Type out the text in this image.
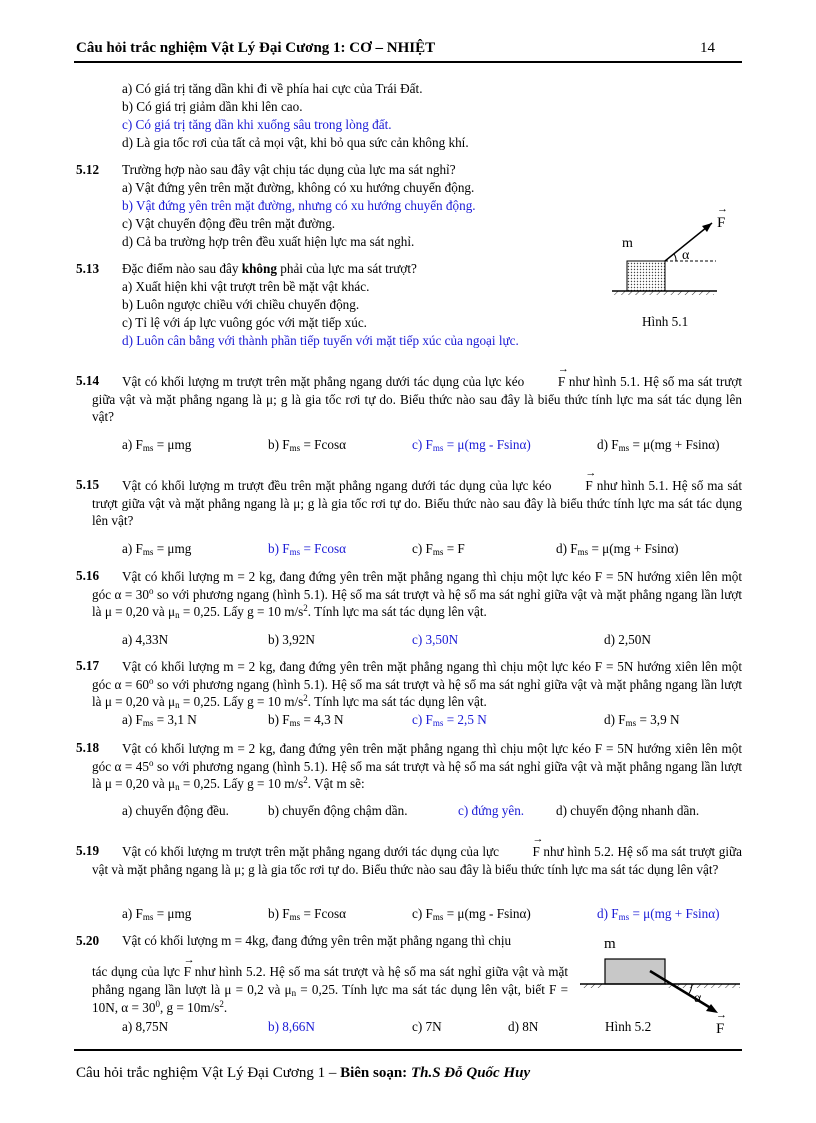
Câu hỏi trắc nghiệm Vật Lý Đại Cương 1: CƠ – NHIỆT	14
a) Có giá trị tăng dần khi đi về phía hai cực của Trái Đất.
b) Có giá trị giảm dần khi lên cao.
c) Có giá trị tăng dần khi xuống sâu trong lòng đất.
d) Là gia tốc rơi của tất cả mọi vật, khi bỏ qua sức cản không khí.
5.12 Trường hợp nào sau đây vật chịu tác dụng của lực ma sát nghỉ?
a) Vật đứng yên trên mặt đường, không có xu hướng chuyển động.
b) Vật đứng yên trên mặt đường, nhưng có xu hướng chuyển động.
c) Vật chuyển động đều trên mặt đường.
d) Cả ba trường hợp trên đều xuất hiện lực ma sát nghỉ.
5.13 Đặc điểm nào sau đây không phải của lực ma sát trượt?
a) Xuất hiện khi vật trượt trên bề mặt vật khác.
b) Luôn ngược chiều với chiều chuyển động.
c) Tỉ lệ với áp lực vuông góc với mặt tiếp xúc.
d) Luôn cân bằng với thành phần tiếp tuyến với mặt tiếp xúc của ngoại lực.
m
α
→ F
Hình 5.1
5.14	Vật có khối lượng m trượt trên mặt phẳng ngang dưới tác dụng của lực kéo → F như hình 5.1. Hệ số ma sát trượt giữa vật và mặt phẳng ngang là μ; g là gia tốc rơi tự do. Biểu thức nào sau đây là biểu thức tính lực ma sát tác dụng lên vật?
a) $F_{ms} = \mu mg$	b) $F_{ms} = Fcos\alpha$	c) $F_{ms} = \mu(mg - Fsin\alpha)$	d) $F_{ms} = \mu(mg + Fsin\alpha)$
5.15	Vật có khối lượng m trượt đều trên mặt phẳng ngang dưới tác dụng của lực kéo → F như hình 5.1. Hệ số ma sát trượt giữa vật và mặt phẳng ngang là μ; g là gia tốc rơi tự do. Biểu thức nào sau đây là biểu thức tính lực ma sát tác dụng lên vật?
a) $F_{ms} = \mu mg$	b) $F_{ms} = Fcos\alpha$	c) $F_{ms} = F$	d) $F_{ms} = \mu(mg + Fsin\alpha)$
5.16	Vật có khối lượng m = 2 kg, đang đứng yên trên mặt phẳng ngang thì chịu một lực kéo F = 5N hướng xiên lên một góc $\alpha = 30^o$ so với phương ngang (hình 5.1). Hệ số ma sát trượt và hệ số ma sát nghỉ giữa vật và mặt phẳng ngang lần lượt là μ = 0,20 và $\mu_n = 0,25$. Lấy g = 10 $m/s^2$. Tính lực ma sát tác dụng lên vật.
a) 4,33N	b) 3,92N	c) 3,50N	d) 2,50N
5.17	Vật có khối lượng m = 2 kg, đang đứng yên trên mặt phẳng ngang thì chịu một lực kéo F = 5N hướng xiên lên một góc $\alpha = 60^o$ so với phương ngang (hình 5.1). Hệ số ma sát trượt và hệ số ma sát nghỉ giữa vật và mặt phẳng ngang lần lượt là μ = 0,20 và $\mu_n = 0,25$. Lấy g = 10 $m/s^2$. Tính lực ma sát tác dụng lên vật.
a) $F_{ms} = 3,1$ N	b) $F_{ms} = 4,3$ N	c) $F_{ms} = 2,5$ N	d) $F_{ms} = 3,9$ N
5.18	Vật có khối lượng m = 2 kg, đang đứng yên trên mặt phẳng ngang thì chịu một lực kéo F = 5N hướng xiên lên một góc $\alpha = 45^o$ so với phương ngang (hình 5.1). Hệ số ma sát trượt và hệ số ma sát nghỉ giữa vật và mặt phẳng ngang lần lượt là μ = 0,20 và $\mu_n = 0,25$. Lấy g = 10 $m/s^2$. Vật m sẽ:
a) chuyển động đều.	b) chuyển động chậm dần.	c) đứng yên. d) chuyển động nhanh dần.
5.19	Vật có khối lượng m trượt trên mặt phẳng ngang dưới tác dụng của lực → F như hình 5.2. Hệ số ma sát trượt giữa vật và mặt phẳng ngang là μ; g là gia tốc rơi tự do. Biểu thức nào sau đây là biểu thức tính lực ma sát tác dụng lên vật?
a) $F_{ms} = \mu mg$	b) $F_{ms} = Fcos\alpha$	c) $F_{ms} = \mu(mg - Fsin\alpha)$	d) $F_{ms} = \mu(mg + Fsin\alpha)$
5.20 Vật có khối lượng m = 4kg, đang đứng yên trên mặt phẳng ngang thì chịu
tác dụng của lực → F như hình 5.2. Hệ số ma sát trượt và hệ số ma sát nghỉ giữa vật và mặt phẳng ngang lần lượt là μ = 0,2 và $\mu_n = 0,25$. Tính lực ma sát tác dụng lên vật, biết F = 10N, $\alpha = 30^0$, $g = 10m/s^2$.
a) 8,75N	b) 8,66N	c) 7N	d) 8N
m
α
→ F
Hình 5.2
Câu hỏi trắc nghiệm Vật Lý Đại Cương 1 – Biên soạn: Th.S Đỗ Quốc Huy
